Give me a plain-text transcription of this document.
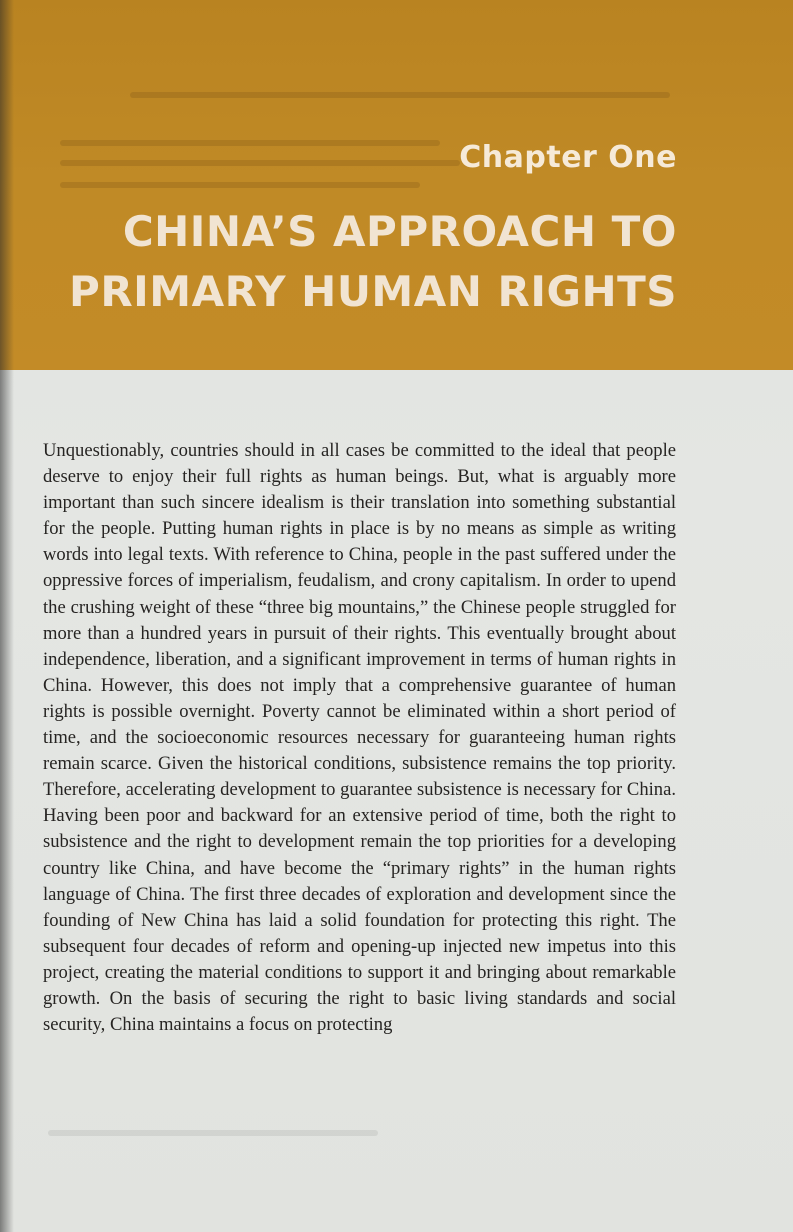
Chapter One
CHINA’S APPROACH TO
PRIMARY HUMAN RIGHTS

Unquestionably, countries should in all cases be committed to the ideal that people deserve to enjoy their full rights as human beings. But, what is arguably more important than such sincere idealism is their translation into something substantial for the people. Putting human rights in place is by no means as simple as writing words into legal texts. With reference to China, people in the past suffered under the oppressive forces of imperialism, feudalism, and crony capitalism. In order to upend the crushing weight of these “three big mountains,” the Chinese people struggled for more than a hundred years in pursuit of their rights. This eventually brought about independence, liberation, and a significant improvement in terms of human rights in China. However, this does not imply that a comprehensive guarantee of human rights is possible overnight. Poverty cannot be eliminated within a short period of time, and the socioeconomic resources necessary for guaranteeing human rights remain scarce. Given the historical conditions, subsistence remains the top priority. Therefore, accelerating development to guarantee subsistence is necessary for China. Having been poor and backward for an extensive period of time, both the right to subsistence and the right to development remain the top priorities for a developing country like China, and have become the “primary rights” in the human rights language of China. The first three decades of exploration and development since the founding of New China has laid a solid foundation for protecting this right. The subsequent four decades of reform and opening-up injected new impetus into this project, creating the material conditions to support it and bringing about remarkable growth. On the basis of securing the right to basic living standards and social security, China maintains a focus on protecting
